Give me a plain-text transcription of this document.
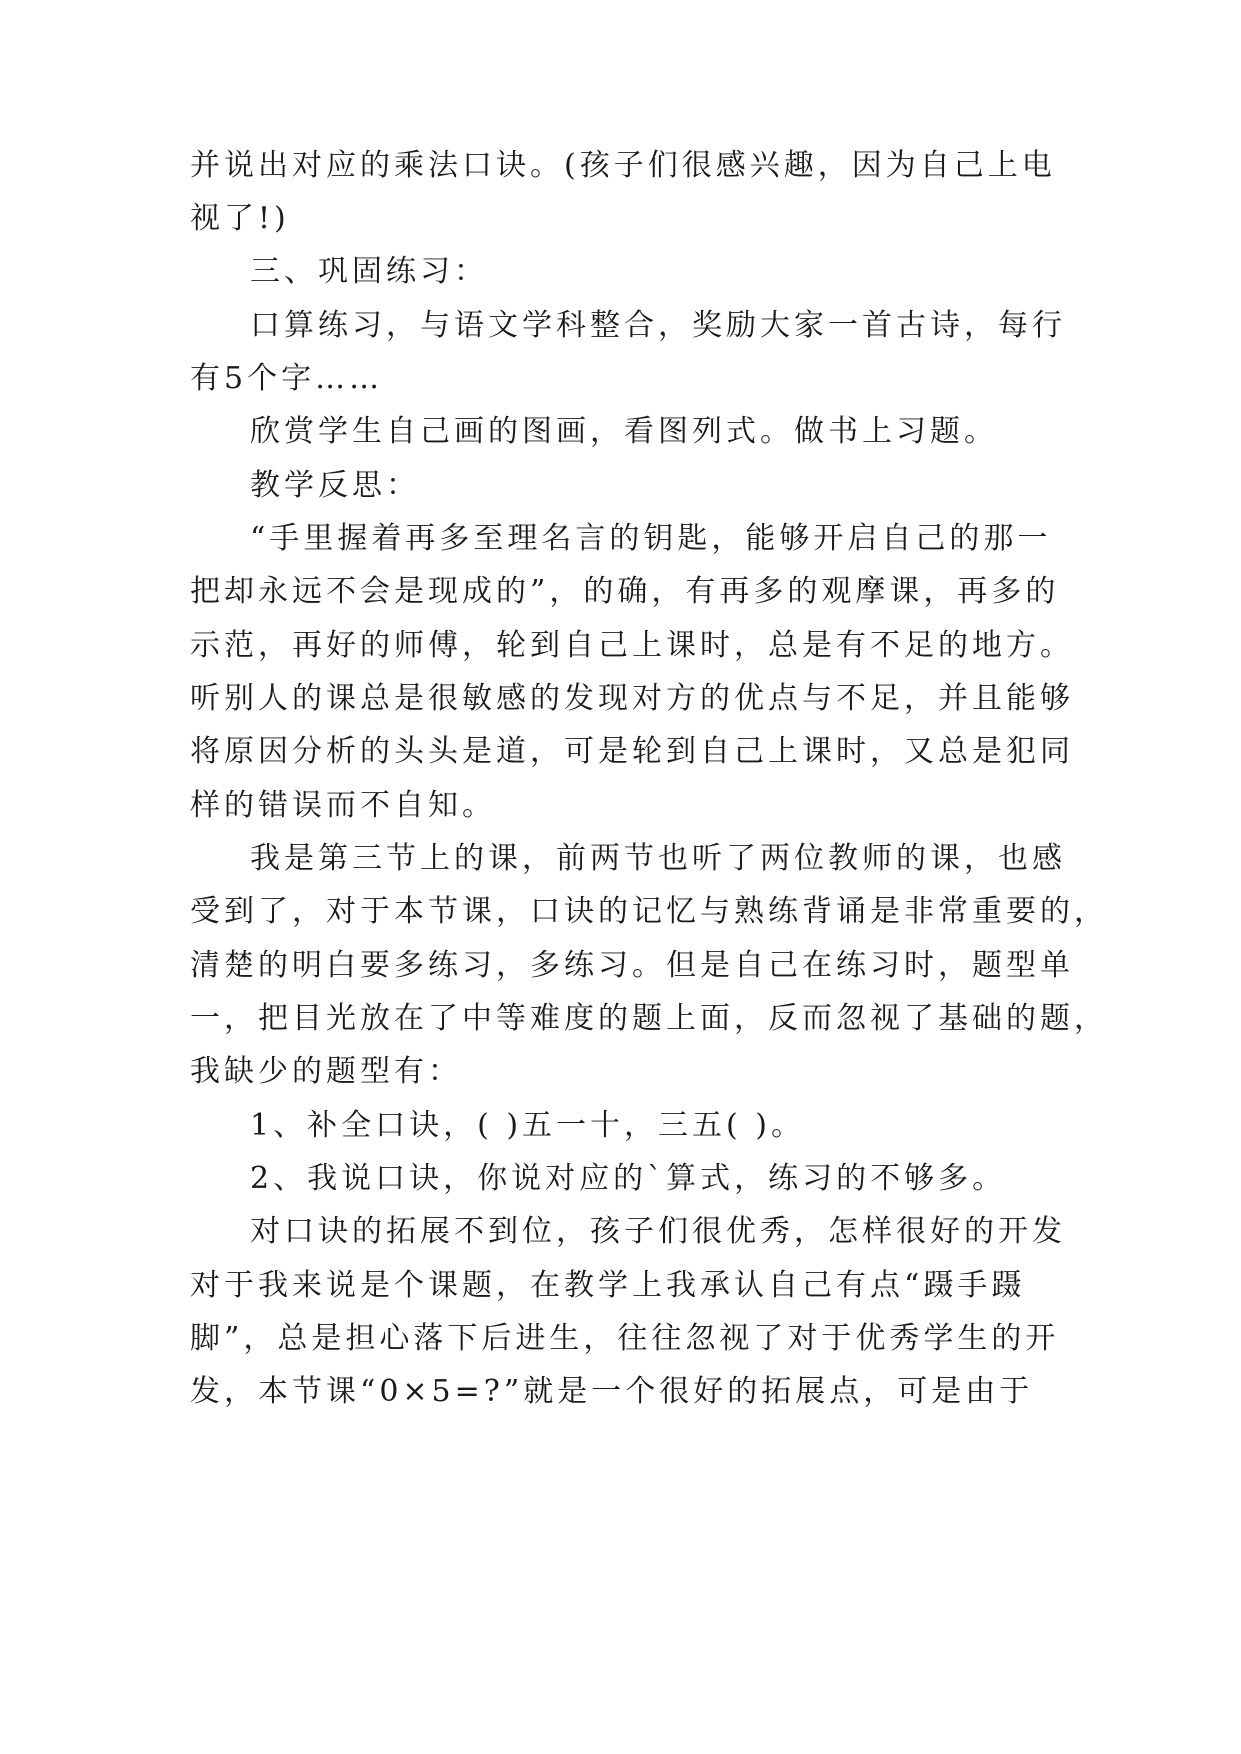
并说出对应的乘法口诀。(孩子们很感兴趣，因为自己上电
视了!)
三、巩固练习：
口算练习，与语文学科整合，奖励大家一首古诗，每行
有5个字……
欣赏学生自己画的图画，看图列式。做书上习题。
教学反思：
“手里握着再多至理名言的钥匙，能够开启自己的那一
把却永远不会是现成的”，的确，有再多的观摩课，再多的
示范，再好的师傅，轮到自己上课时，总是有不足的地方。
听别人的课总是很敏感的发现对方的优点与不足，并且能够
将原因分析的头头是道，可是轮到自己上课时，又总是犯同
样的错误而不自知。
我是第三节上的课，前两节也听了两位教师的课，也感
受到了，对于本节课，口诀的记忆与熟练背诵是非常重要的，
清楚的明白要多练习，多练习。但是自己在练习时，题型单
一，把目光放在了中等难度的题上面，反而忽视了基础的题，
我缺少的题型有：
1、补全口诀，( )五一十，三五( )。
2、我说口诀，你说对应的`算式，练习的不够多。
对口诀的拓展不到位，孩子们很优秀，怎样很好的开发
对于我来说是个课题，在教学上我承认自己有点“蹑手蹑
脚”，总是担心落下后进生，往往忽视了对于优秀学生的开
发，本节课“0×5=?”就是一个很好的拓展点，可是由于
